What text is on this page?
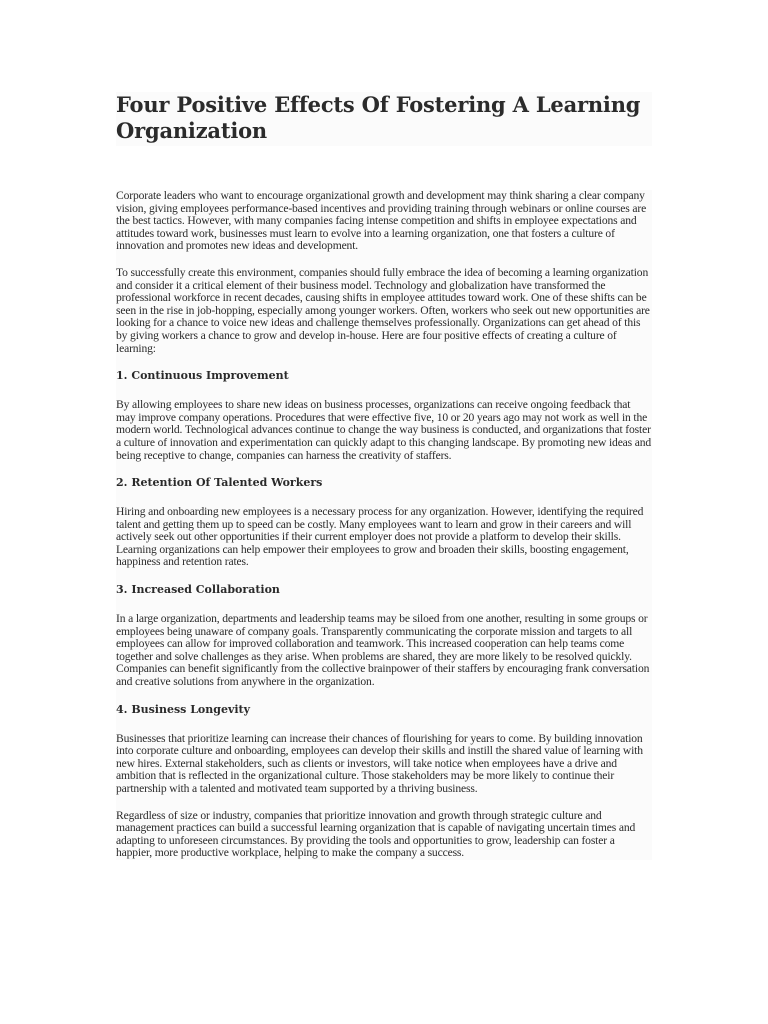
Four Positive Effects Of Fostering A Learning Organization

Corporate leaders who want to encourage organizational growth and development may think sharing a clear company vision, giving employees performance-based incentives and providing training through webinars or online courses are the best tactics. However, with many companies facing intense competition and shifts in employee expectations and attitudes toward work, businesses must learn to evolve into a learning organization, one that fosters a culture of innovation and promotes new ideas and development.

To successfully create this environment, companies should fully embrace the idea of becoming a learning organization and consider it a critical element of their business model. Technology and globalization have transformed the professional workforce in recent decades, causing shifts in employee attitudes toward work. One of these shifts can be seen in the rise in job-hopping, especially among younger workers. Often, workers who seek out new opportunities are looking for a chance to voice new ideas and challenge themselves professionally. Organizations can get ahead of this by giving workers a chance to grow and develop in-house. Here are four positive effects of creating a culture of learning:

1. Continuous Improvement

By allowing employees to share new ideas on business processes, organizations can receive ongoing feedback that may improve company operations. Procedures that were effective five, 10 or 20 years ago may not work as well in the modern world. Technological advances continue to change the way business is conducted, and organizations that foster a culture of innovation and experimentation can quickly adapt to this changing landscape. By promoting new ideas and being receptive to change, companies can harness the creativity of staffers.

2. Retention Of Talented Workers

Hiring and onboarding new employees is a necessary process for any organization. However, identifying the required talent and getting them up to speed can be costly. Many employees want to learn and grow in their careers and will actively seek out other opportunities if their current employer does not provide a platform to develop their skills. Learning organizations can help empower their employees to grow and broaden their skills, boosting engagement, happiness and retention rates.

3. Increased Collaboration

In a large organization, departments and leadership teams may be siloed from one another, resulting in some groups or employees being unaware of company goals. Transparently communicating the corporate mission and targets to all employees can allow for improved collaboration and teamwork. This increased cooperation can help teams come together and solve challenges as they arise. When problems are shared, they are more likely to be resolved quickly. Companies can benefit significantly from the collective brainpower of their staffers by encouraging frank conversation and creative solutions from anywhere in the organization.

4. Business Longevity

Businesses that prioritize learning can increase their chances of flourishing for years to come. By building innovation into corporate culture and onboarding, employees can develop their skills and instill the shared value of learning with new hires. External stakeholders, such as clients or investors, will take notice when employees have a drive and ambition that is reflected in the organizational culture. Those stakeholders may be more likely to continue their partnership with a talented and motivated team supported by a thriving business.

Regardless of size or industry, companies that prioritize innovation and growth through strategic culture and management practices can build a successful learning organization that is capable of navigating uncertain times and adapting to unforeseen circumstances. By providing the tools and opportunities to grow, leadership can foster a happier, more productive workplace, helping to make the company a success.
